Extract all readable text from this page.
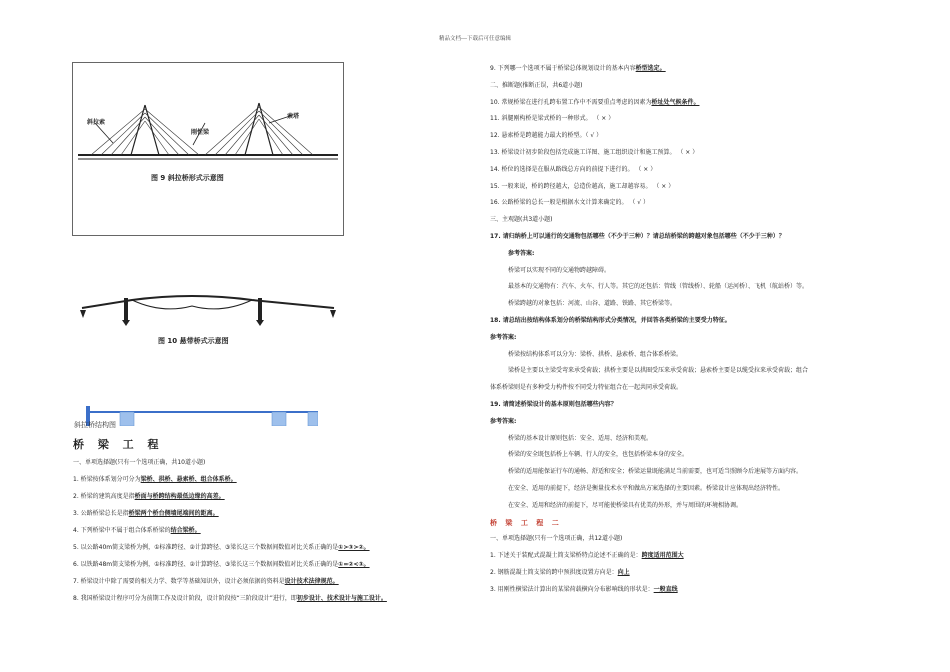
精品文档---下载后可任意编辑
斜拉索
刚性梁
索塔
图 9 斜拉桥形式示意图
图 10 悬带桥式示意图
斜拉桥结构图
桥 梁 工 程
一、单项选择题(只有一个选项正确，共10道小题)
1. 桥梁按体系划分可分为梁桥、拱桥、悬索桥、组合体系桥。
2. 桥梁的建筑高度是指桥面与桥跨结构最低边缘的高差。
3. 公路桥梁总长是指桥梁两个桥台侧墙尾端间的距离。
4. 下列桥梁中不属于组合体系桥梁的结合梁桥。
5. 以公路40m简支梁桥为例，①标准跨径、②计算跨径、③梁长这三个数据间数值对比关系正确的是①>③>②。
6. 以铁路48m简支梁桥为例，①标准跨径、②计算跨径、③梁长这三个数据间数值对比关系正确的是①=②<③。
7. 桥梁设计中除了需要的相关力学、数学等基础知识外，设计必须依据的资料是设计技术法律规范。
8. 我国桥梁设计程序可分为前期工作及设计阶段，设计阶段按“三阶段设计”进行，即初步设计、技术设计与施工设计。
9. 下列哪一个选项不属于桥梁总体规划设计的基本内容桥型选定。
二、推断题(推断正误，共6道小题)
10. 常规桥梁在进行孔跨布置工作中不需要重点考虑的因素为桥址处气候条件。
11. 斜腿刚构桥是梁式桥的一种形式。 （ × ）
12. 悬索桥是跨越能力最大的桥型。（ √ ）
13. 桥梁设计初步阶段包括完成施工详图、施工组织设计和施工预算。 （ × ）
14. 桥位的选择是在服从路线总方向的前提下进行的。 （ × ）
15. 一般来说，桥的跨径越大，总造价越高，施工却越容易。 （ × ）
16. 公路桥梁的总长一般是根据水文计算来确定的。 （ √ ）
三、主观题(共3道小题)
17. 请归纳桥上可以通行的交通物包括哪些（不少于三种）？请总结桥梁的跨越对象包括哪些（不少于三种）？
参考答案:
桥梁可以实现不同的交通物跨越障碍。
最基本的交通物有：汽车、火车、行人等。其它的还包括：管线（管线桥）、轮船（运河桥）、飞机（航站桥）等。
桥梁跨越的对象包括：河流、山谷、道路、铁路、其它桥梁等。
18. 请总结出按结构体系划分的桥梁结构形式分类情况，并回答各类桥梁的主要受力特征。
参考答案:
桥梁按结构体系可以分为：梁桥、拱桥、悬索桥、组合体系桥梁。
梁桥是主要以主梁受弯来承受荷载；拱桥主要是以拱圈受压来承受荷载；悬索桥主要是以缆受拉来承受荷载；组合
体系桥梁则是有多种受力构件按不同受力特征组合在一起共同承受荷载。
19. 请简述桥梁设计的基本原则包括哪些内容？
参考答案:
桥梁的基本设计原则包括：安全、适用、经济和美观。
桥梁的安全既包括桥上车辆、行人的安全，也包括桥梁本身的安全。
桥梁的适用能保证行车的通畅、舒适和安全；桥梁运量既能满足当前需要，也可适当照顾今后速展等方面内容。
在安全、适用的前提下，经济是衡量技术水平和做出方案选择的主要因素。桥梁设计应体现出经济特性。
在安全、适用和经济的前提下，尽可能使桥梁具有优美的外形，并与周围的环境相协调。
桥 梁 工 程 二
一、单项选择题(只有一个选项正确，共12道小题)
1. 下述关于装配式混凝土简支梁桥特点论述不正确的是：跨度适用范围大
2. 钢筋混凝土简支梁的跨中预拱度设置方向是：向上
3. 用刚性横梁法计算出的某梁荷载横向分布影响线的形状是：一般直线
